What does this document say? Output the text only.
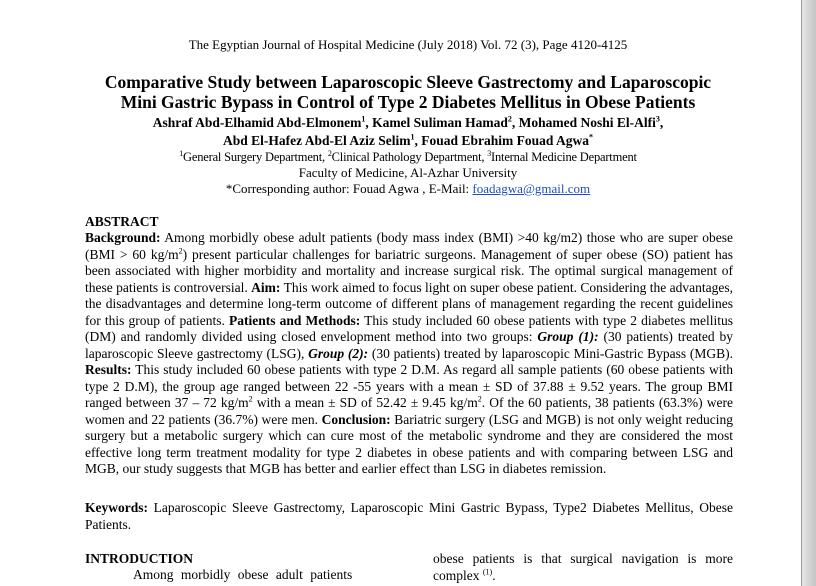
The Egyptian Journal of Hospital Medicine (July 2018) Vol. 72 (3), Page 4120-4125
Comparative Study between Laparoscopic Sleeve Gastrectomy and Laparoscopic
Mini Gastric Bypass in Control of Type 2 Diabetes Mellitus in Obese Patients
Ashraf Abd-Elhamid Abd-Elmonem$^1$, Kamel Suliman Hamad$^2$, Mohamed Noshi El-Alfi$^3$,
Abd El-Hafez Abd-El Aziz Selim$^1$, Fouad Ebrahim Fouad Agwa*
$^1$General Surgery Department, $^2$Clinical Pathology Department, $^3$Internal Medicine Department
Faculty of Medicine, Al-Azhar University
*Corresponding author: Fouad Agwa , E-Mail: foadagwa@gmail.com
ABSTRACT
Background: Among morbidly obese adult patients (body mass index (BMI) >40 kg/m2) those who are super obese (BMI > 60 $kg/m^2$) present particular challenges for bariatric surgeons. Management of super obese (SO) patient has been associated with higher morbidity and mortality and increase surgical risk. The optimal surgical management of these patients is controversial. Aim: This work aimed to focus light on super obese patient. Considering the advantages, the disadvantages and determine long-term outcome of different plans of management regarding the recent guidelines for this group of patients. Patients and Methods: This study included 60 obese patients with type 2 diabetes mellitus (DM) and randomly divided using closed envelopment method into two groups: Group (1): (30 patients) treated by laparoscopic Sleeve gastrectomy (LSG), Group (2): (30 patients) treated by laparoscopic Mini-Gastric Bypass (MGB). Results: This study included 60 obese patients with type 2 D.M. As regard all sample patients (60 obese patients with type 2 D.M), the group age ranged between 22 -55 years with a mean ± SD of 37.88 ± 9.52 years. The group BMI ranged between 37 – 72 $kg/m^2$ with a mean ± SD of 52.42 ± 9.45 $kg/m^2$. Of the 60 patients, 38 patients (63.3%) were women and 22 patients (36.7%) were men. Conclusion: Bariatric surgery (LSG and MGB) is not only weight reducing surgery but a metabolic surgery which can cure most of the metabolic syndrome and they are considered the most effective long term treatment modality for type 2 diabetes in obese patients and with comparing between LSG and MGB, our study suggests that MGB has better and earlier effect than LSG in diabetes remission.
Keywords: Laparoscopic Sleeve Gastrectomy, Laparoscopic Mini Gastric Bypass, Type2 Diabetes Mellitus, Obese Patients.
INTRODUCTION
Among morbidly obese adult patients
obese patients is that surgical navigation is more complex $^{(1)}$.
